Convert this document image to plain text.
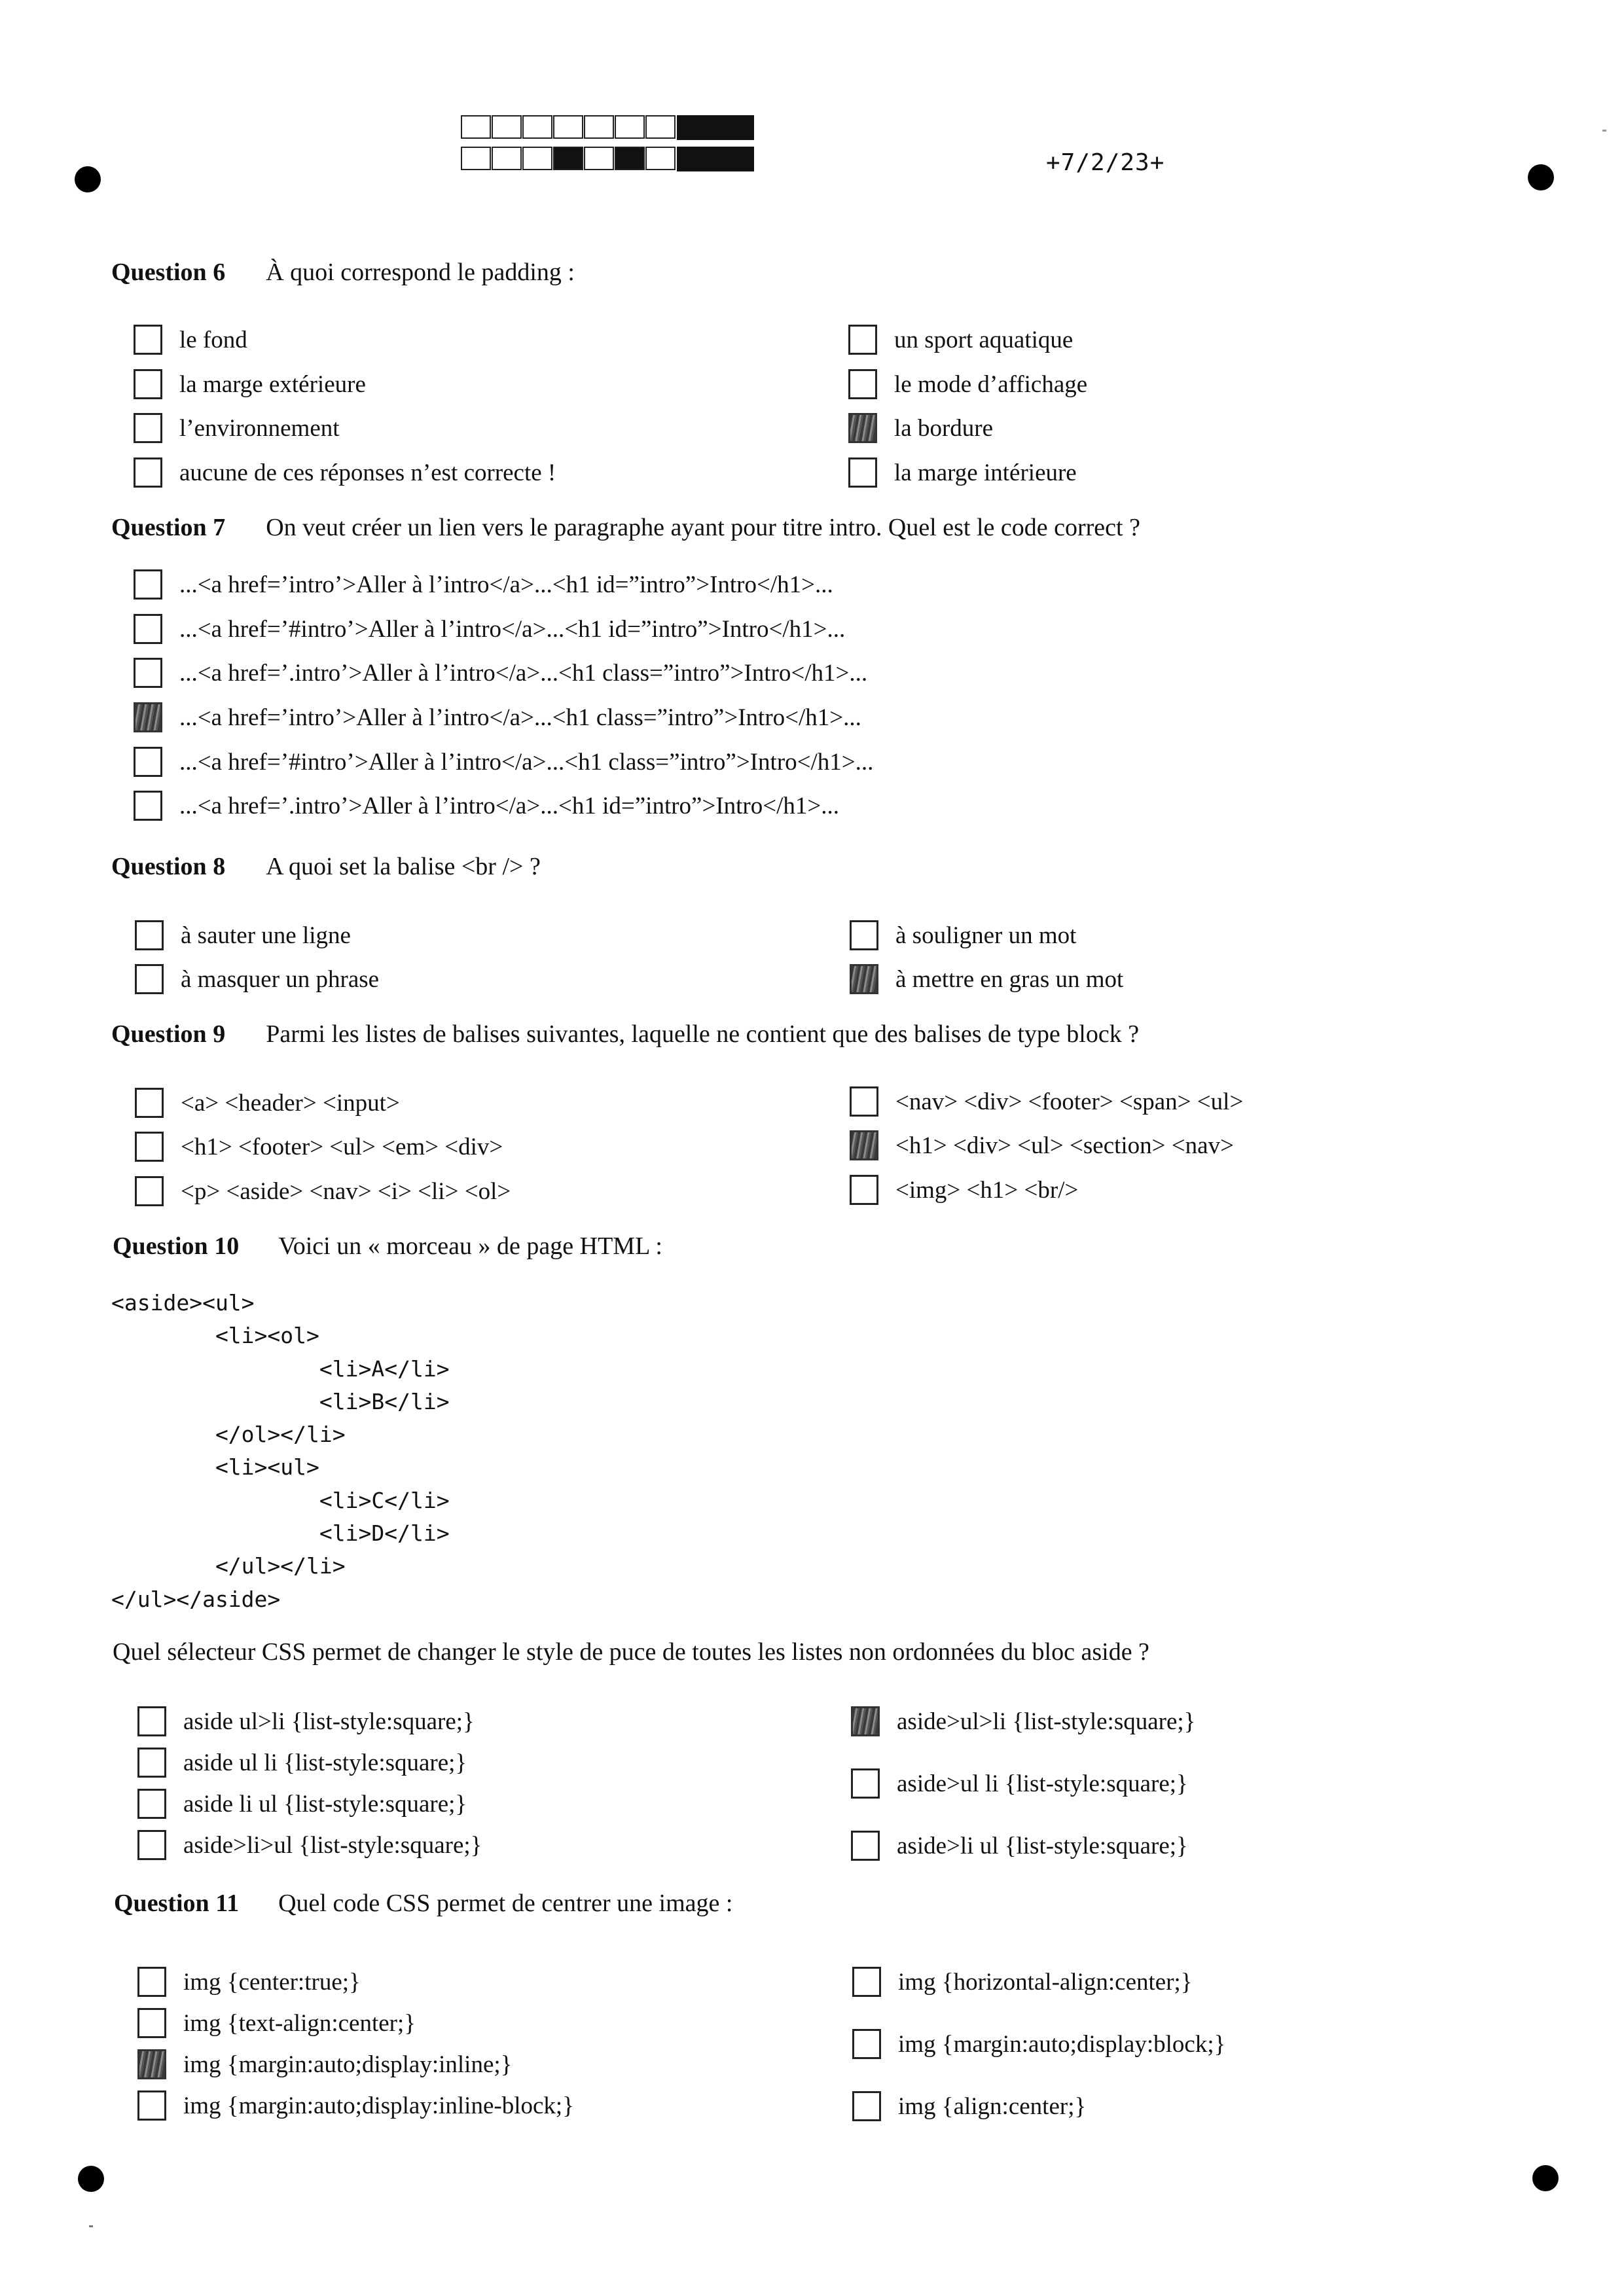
+7/2/23+
Question 6 À quoi correspond le padding :
le fond
la marge extérieure
l’environnement
aucune de ces réponses n’est correcte !
un sport aquatique
le mode d’affichage
la bordure
la marge intérieure
Question 7 On veut créer un lien vers le paragraphe ayant pour titre intro. Quel est le code correct ?
...<a href=’intro’>Aller à l’intro</a>...<h1 id=”intro”>Intro</h1>...
...<a href=’#intro’>Aller à l’intro</a>...<h1 id=”intro”>Intro</h1>...
...<a href=’.intro’>Aller à l’intro</a>...<h1 class=”intro”>Intro</h1>...
...<a href=’intro’>Aller à l’intro</a>...<h1 class=”intro”>Intro</h1>...
...<a href=’#intro’>Aller à l’intro</a>...<h1 class=”intro”>Intro</h1>...
...<a href=’.intro’>Aller à l’intro</a>...<h1 id=”intro”>Intro</h1>...
Question 8 A quoi set la balise <br /> ?
à sauter une ligne
à masquer un phrase
à souligner un mot
à mettre en gras un mot
Question 9 Parmi les listes de balises suivantes, laquelle ne contient que des balises de type block ?
<a> <header> <input>
<h1> <footer> <ul> <em> <div>
<p> <aside> <nav> <i> <li> <ol>
<nav> <div> <footer> <span> <ul>
<h1> <div> <ul> <section> <nav>
<img> <h1> <br/>
Question 10 Voici un « morceau » de page HTML :
<aside><ul>
<li><ol>
<li>A</li>
<li>B</li>
</ol></li>
<li><ul>
<li>C</li>
<li>D</li>
</ul></li>
</ul></aside>
Quel sélecteur CSS permet de changer le style de puce de toutes les listes non ordonnées du bloc aside ?
aside ul>li {list-style:square;}
aside ul li {list-style:square;}
aside li ul {list-style:square;}
aside>li>ul {list-style:square;}
aside>ul>li {list-style:square;}
aside>ul li {list-style:square;}
aside>li ul {list-style:square;}
Question 11 Quel code CSS permet de centrer une image :
img {center:true;}
img {text-align:center;}
img {margin:auto;display:inline;}
img {margin:auto;display:inline-block;}
img {horizontal-align:center;}
img {margin:auto;display:block;}
img {align:center;}
